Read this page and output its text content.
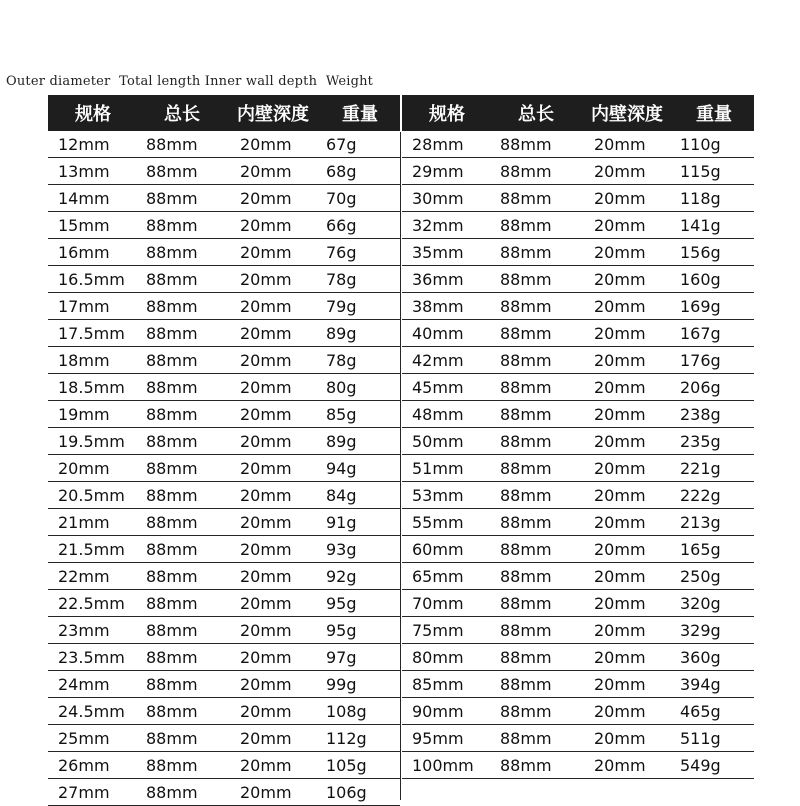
Outer diameter  Total length Inner wall depth  Weight
规格	总长	内壁深度	重量
12mm	88mm	20mm	67g
13mm	88mm	20mm	68g
14mm	88mm	20mm	70g
15mm	88mm	20mm	66g
16mm	88mm	20mm	76g
16.5mm	88mm	20mm	78g
17mm	88mm	20mm	79g
17.5mm	88mm	20mm	89g
18mm	88mm	20mm	78g
18.5mm	88mm	20mm	80g
19mm	88mm	20mm	85g
19.5mm	88mm	20mm	89g
20mm	88mm	20mm	94g
20.5mm	88mm	20mm	84g
21mm	88mm	20mm	91g
21.5mm	88mm	20mm	93g
22mm	88mm	20mm	92g
22.5mm	88mm	20mm	95g
23mm	88mm	20mm	95g
23.5mm	88mm	20mm	97g
24mm	88mm	20mm	99g
24.5mm	88mm	20mm	108g
25mm	88mm	20mm	112g
26mm	88mm	20mm	105g
27mm	88mm	20mm	106g
规格	总长	内壁深度	重量
28mm	88mm	20mm	110g
29mm	88mm	20mm	115g
30mm	88mm	20mm	118g
32mm	88mm	20mm	141g
35mm	88mm	20mm	156g
36mm	88mm	20mm	160g
38mm	88mm	20mm	169g
40mm	88mm	20mm	167g
42mm	88mm	20mm	176g
45mm	88mm	20mm	206g
48mm	88mm	20mm	238g
50mm	88mm	20mm	235g
51mm	88mm	20mm	221g
53mm	88mm	20mm	222g
55mm	88mm	20mm	213g
60mm	88mm	20mm	165g
65mm	88mm	20mm	250g
70mm	88mm	20mm	320g
75mm	88mm	20mm	329g
80mm	88mm	20mm	360g
85mm	88mm	20mm	394g
90mm	88mm	20mm	465g
95mm	88mm	20mm	511g
100mm	88mm	20mm	549g
